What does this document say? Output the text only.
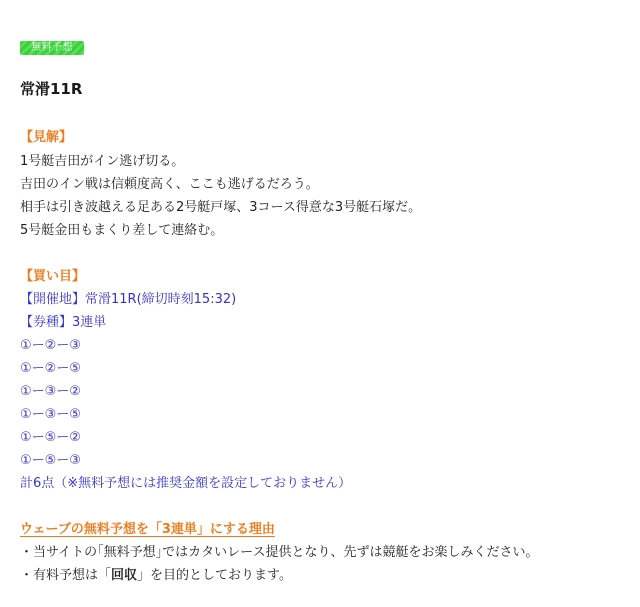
無料予想
常滑11R
【見解】
1号艇吉田がイン逃げ切る。
吉田のイン戦は信頼度高く、ここも逃げるだろう。
相手は引き波越える足ある2号艇戸塚、3コース得意な3号艇石塚だ。
5号艇金田もまくり差して連絡む。
【買い目】
【開催地】常滑11R(締切時刻15:32)
【券種】3連単
①ー②ー③
①ー②ー⑤
①ー③ー②
①ー③ー⑤
①ー⑤ー②
①ー⑤ー③
計6点（※無料予想には推奨金額を設定しておりません）
ウェーブの無料予想を「3連単」にする理由
・当サイトの｢無料予想｣ではカタいレース提供となり、先ずは競艇をお楽しみください。
・有料予想は「回収」を目的としております。
